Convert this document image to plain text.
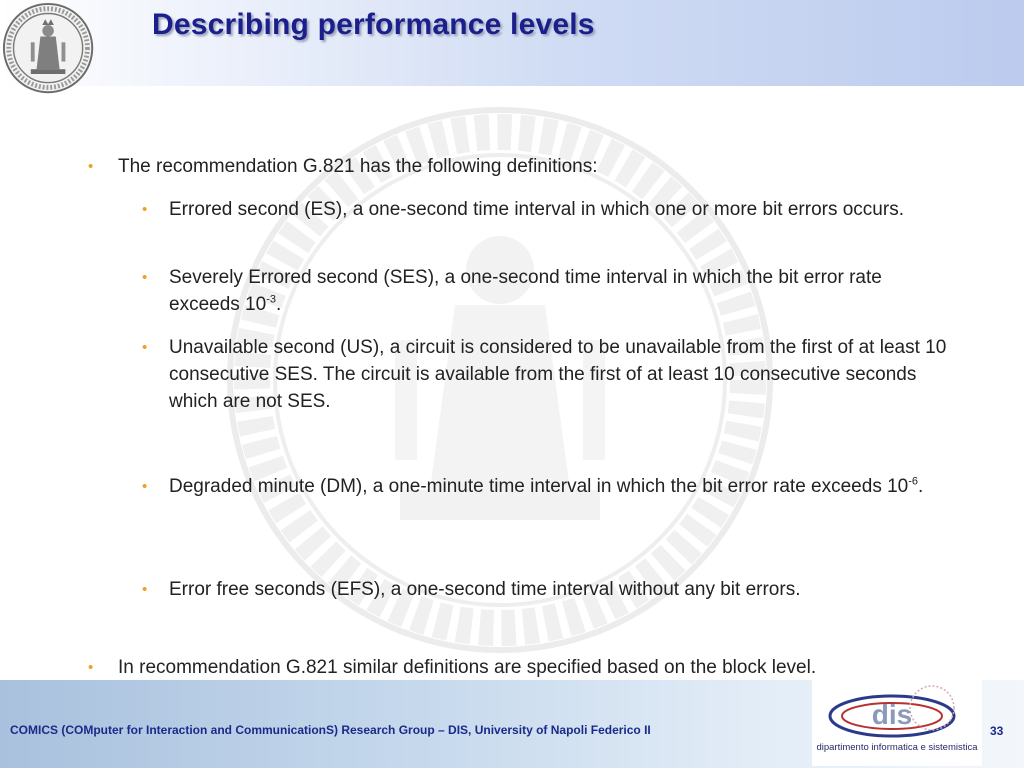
Describing performance levels
• The recommendation G.821 has the following definitions:
• Errored second (ES), a one-second time interval in which one or more bit errors occurs.
• Severely Errored second (SES), a one-second time interval in which the bit error rate exceeds $10^{-3}$.
• Unavailable second (US), a circuit is considered to be unavailable from the first of at least 10 consecutive SES. The circuit is available from the first of at least 10 consecutive seconds which are not SES.
• Degraded minute (DM), a one-minute time interval in which the bit error rate exceeds $10^{-6}$.
• Error free seconds (EFS), a one-second time interval without any bit errors.
• In recommendation G.821 similar definitions are specified based on the block level.
COMICS (COMputer for Interaction and CommunicationS) Research Group – DIS, University of Napoli Federico II	dis
dipartimento informatica e sistemistica
33
